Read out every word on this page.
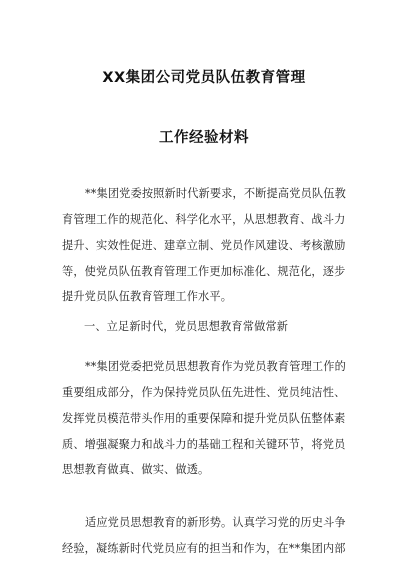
XX集团公司党员队伍教育管理
工作经验材料
**集团党委按照新时代新要求，不断提高党员队伍教
育管理工作的规范化、科学化水平，从思想教育、战斗力
提升、实效性促进、建章立制、党员作风建设、考核激励
等，使党员队伍教育管理工作更加标准化、规范化，逐步
提升党员队伍教育管理工作水平。
一、立足新时代，党员思想教育常做常新
**集团党委把党员思想教育作为党员教育管理工作的
重要组成部分，作为保持党员队伍先进性、党员纯洁性、
发挥党员模范带头作用的重要保障和提升党员队伍整体素
质、增强凝聚力和战斗力的基础工程和关键环节，将党员
思想教育做真、做实、做透。
适应党员思想教育的新形势。认真学习党的历史斗争
经验，凝练新时代党员应有的担当和作为，在**集团内部
